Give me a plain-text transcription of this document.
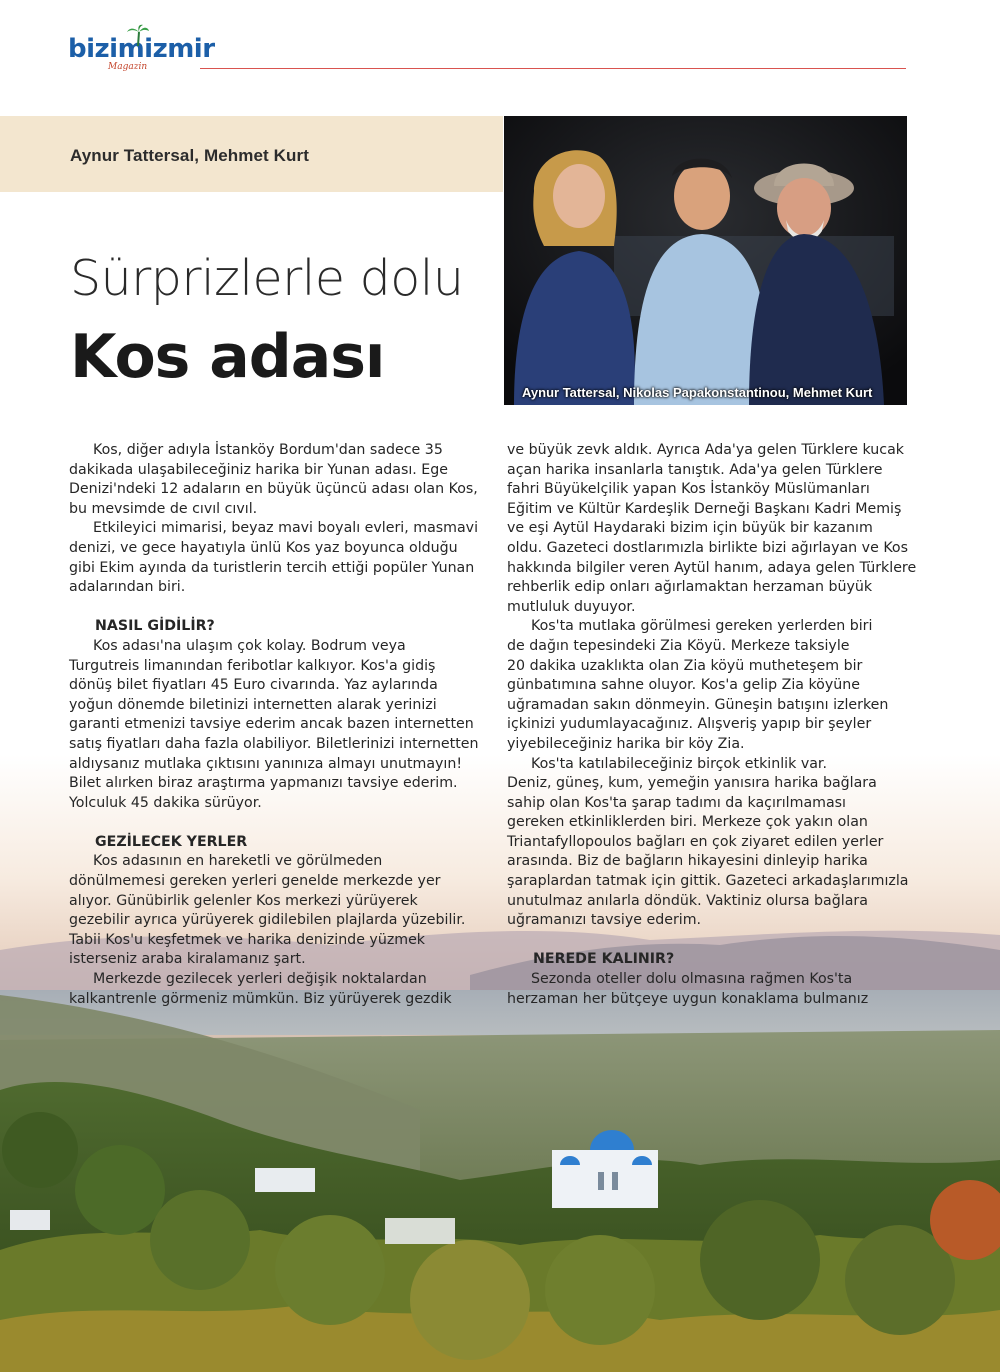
bizimizmir
Magazin
Aynur Tattersal, Mehmet Kurt
Aynur Tattersal, Nikolas Papakonstantinou, Mehmet Kurt
Sürprizlerle dolu
Kos adası

Kos, diğer adıyla İstanköy Bordum'dan sadece 35

dakikada ulaşabileceğiniz harika bir Yunan adası. Ege

Denizi'ndeki 12 adaların en büyük üçüncü adası olan Kos,

bu mevsimde de cıvıl cıvıl.

Etkileyici mimarisi, beyaz mavi boyalı evleri, masmavi

denizi, ve gece hayatıyla ünlü Kos yaz boyunca olduğu

gibi Ekim ayında da turistlerin tercih ettiği popüler Yunan

adalarından biri.

NASIL GİDİLİR?

Kos adası'na ulaşım çok kolay. Bodrum veya

Turgutreis limanından feribotlar kalkıyor. Kos'a gidiş

dönüş bilet fiyatları 45 Euro civarında. Yaz aylarında

yoğun dönemde biletinizi internetten alarak yerinizi

garanti etmenizi tavsiye ederim ancak bazen internetten

satış fiyatları daha fazla olabiliyor. Biletlerinizi internetten

aldıysanız mutlaka çıktısını yanınıza almayı unutmayın!

Bilet alırken biraz araştırma yapmanızı tavsiye ederim.

Yolculuk 45 dakika sürüyor.

GEZİLECEK YERLER

Kos adasının en hareketli ve görülmeden

dönülmemesi gereken yerleri genelde merkezde yer

alıyor. Günübirlik gelenler Kos merkezi yürüyerek

gezebilir ayrıca yürüyerek gidilebilen plajlarda yüzebilir.

Tabii Kos'u keşfetmek ve harika denizinde yüzmek

isterseniz araba kiralamanız şart.

Merkezde gezilecek yerleri değişik noktalardan

kalkantrenle görmeniz mümkün. Biz yürüyerek gezdik

ve büyük zevk aldık. Ayrıca Ada'ya gelen Türklere kucak

açan harika insanlarla tanıştık. Ada'ya gelen Türklere

fahri Büyükelçilik yapan Kos İstanköy Müslümanları

Eğitim ve Kültür Kardeşlik Derneği Başkanı Kadri Memiş

ve eşi Aytül Haydaraki bizim için büyük bir kazanım

oldu. Gazeteci dostlarımızla birlikte bizi ağırlayan ve Kos

hakkında bilgiler veren Aytül hanım, adaya gelen Türklere

rehberlik edip onları ağırlamaktan herzaman büyük

mutluluk duyuyor.

Kos'ta mutlaka görülmesi gereken yerlerden biri

de dağın tepesindeki Zia Köyü. Merkeze taksiyle

20 dakika uzaklıkta olan Zia köyü mutheteşem bir

günbatımına sahne oluyor. Kos'a gelip Zia köyüne

uğramadan sakın dönmeyin. Güneşin batışını izlerken

içkinizi yudumlayacağınız. Alışveriş yapıp bir şeyler

yiyebileceğiniz harika bir köy Zia.

Kos'ta katılabileceğiniz birçok etkinlik var.

Deniz, güneş, kum, yemeğin yanısıra harika bağlara

sahip olan Kos'ta şarap tadımı da kaçırılmaması

gereken etkinliklerden biri. Merkeze çok yakın olan

Triantafyllopoulos bağları en çok ziyaret edilen yerler

arasında. Biz de bağların hikayesini dinleyip harika

şaraplardan tatmak için gittik. Gazeteci arkadaşlarımızla

unutulmaz anılarla döndük. Vaktiniz olursa bağlara

uğramanızı tavsiye ederim.

NEREDE KALINIR?

Sezonda oteller dolu olmasına rağmen Kos'ta

herzaman her bütçeye uygun konaklama bulmanız
